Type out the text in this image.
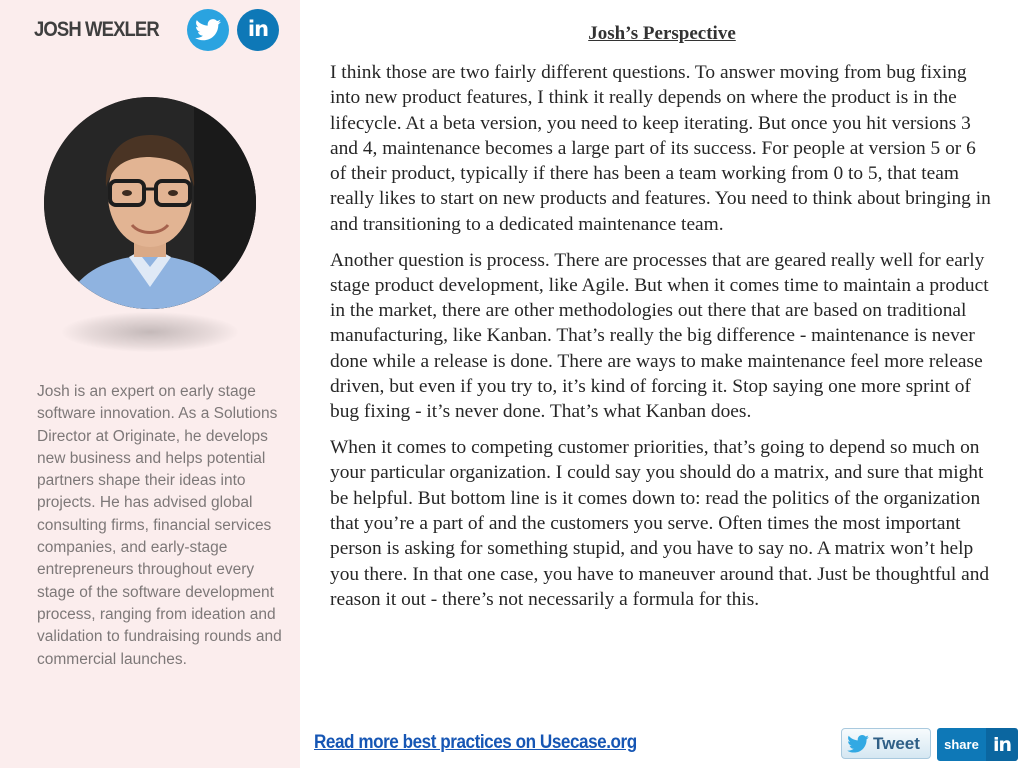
JOSH WEXLER	in

Josh is an expert on early stage software innovation. As a Solutions Director at Originate, he develops new business and helps potential partners shape their ideas into projects. He has advised global consulting firms, financial services companies, and early-stage entrepreneurs throughout every stage of the software development process, ranging from ideation and validation to fundraising rounds and commercial launches.

Josh’s Perspective

I think those are two fairly different questions. To answer moving from bug fixing into new product features, I think it really depends on where the product is in the lifecycle. At a beta version, you need to keep iterating. But once you hit versions 3 and 4, maintenance becomes a large part of its success. For people at version 5 or 6 of their product, typically if there has been a team working from 0 to 5, that team really likes to start on new products and features. You need to think about bringing in and transitioning to a dedicated maintenance team.

Another question is process. There are processes that are geared really well for early stage product development, like Agile. But when it comes time to maintain a product in the market, there are other methodologies out there that are based on traditional manufacturing, like Kanban. That’s really the big difference - maintenance is never done while a release is done. There are ways to make maintenance feel more release driven, but even if you try to, it’s kind of forcing it. Stop saying one more sprint of bug fixing - it’s never done. That’s what Kanban does.

When it comes to competing customer priorities, that’s going to depend so much on your particular organization. I could say you should do a matrix, and sure that might be helpful. But bottom line is it comes down to: read the politics of the organization that you’re a part of and the customers you serve. Often times the most important person is asking for something stupid, and you have to say no. A matrix won’t help you there. In that one case, you have to maneuver around that. Just be thoughtful and reason it out - there’s not necessarily a formula for this.

Read more best practices on Usecase.org	Tweet	share in
